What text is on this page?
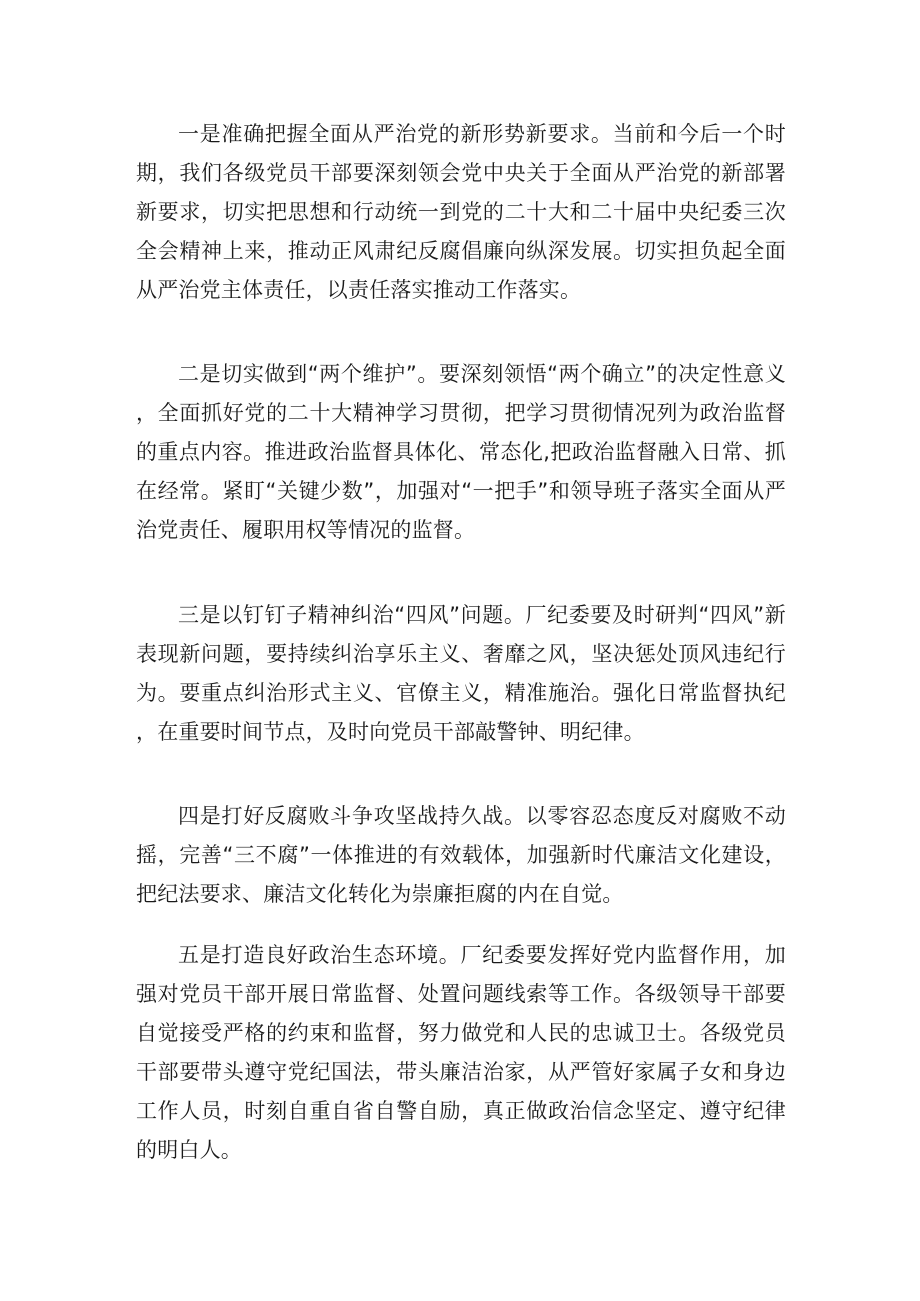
一是准确把握全面从严治党的新形势新要求。当前和今后一个时期，我们各级党员干部要深刻领会党中央关于全面从严治党的新部署新要求，切实把思想和行动统一到党的二十大和二十届中央纪委三次全会精神上来，推动正风肃纪反腐倡廉向纵深发展。切实担负起全面从严治党主体责任，以责任落实推动工作落实。

二是切实做到“两个维护”。要深刻领悟“两个确立”的决定性意义，全面抓好党的二十大精神学习贯彻，把学习贯彻情况列为政治监督的重点内容。推进政治监督具体化、常态化,把政治监督融入日常、抓在经常。紧盯“关键少数”，加强对“一把手”和领导班子落实全面从严治党责任、履职用权等情况的监督。

三是以钉钉子精神纠治“四风”问题。厂纪委要及时研判“四风”新表现新问题，要持续纠治享乐主义、奢靡之风，坚决惩处顶风违纪行为。要重点纠治形式主义、官僚主义，精准施治。强化日常监督执纪，在重要时间节点，及时向党员干部敲警钟、明纪律。

四是打好反腐败斗争攻坚战持久战。以零容忍态度反对腐败不动摇，完善“三不腐”一体推进的有效载体，加强新时代廉洁文化建设，把纪法要求、廉洁文化转化为崇廉拒腐的内在自觉。

五是打造良好政治生态环境。厂纪委要发挥好党内监督作用，加强对党员干部开展日常监督、处置问题线索等工作。各级领导干部要自觉接受严格的约束和监督，努力做党和人民的忠诚卫士。各级党员干部要带头遵守党纪国法，带头廉洁治家，从严管好家属子女和身边工作人员，时刻自重自省自警自励，真正做政治信念坚定、遵守纪律的明白人。
